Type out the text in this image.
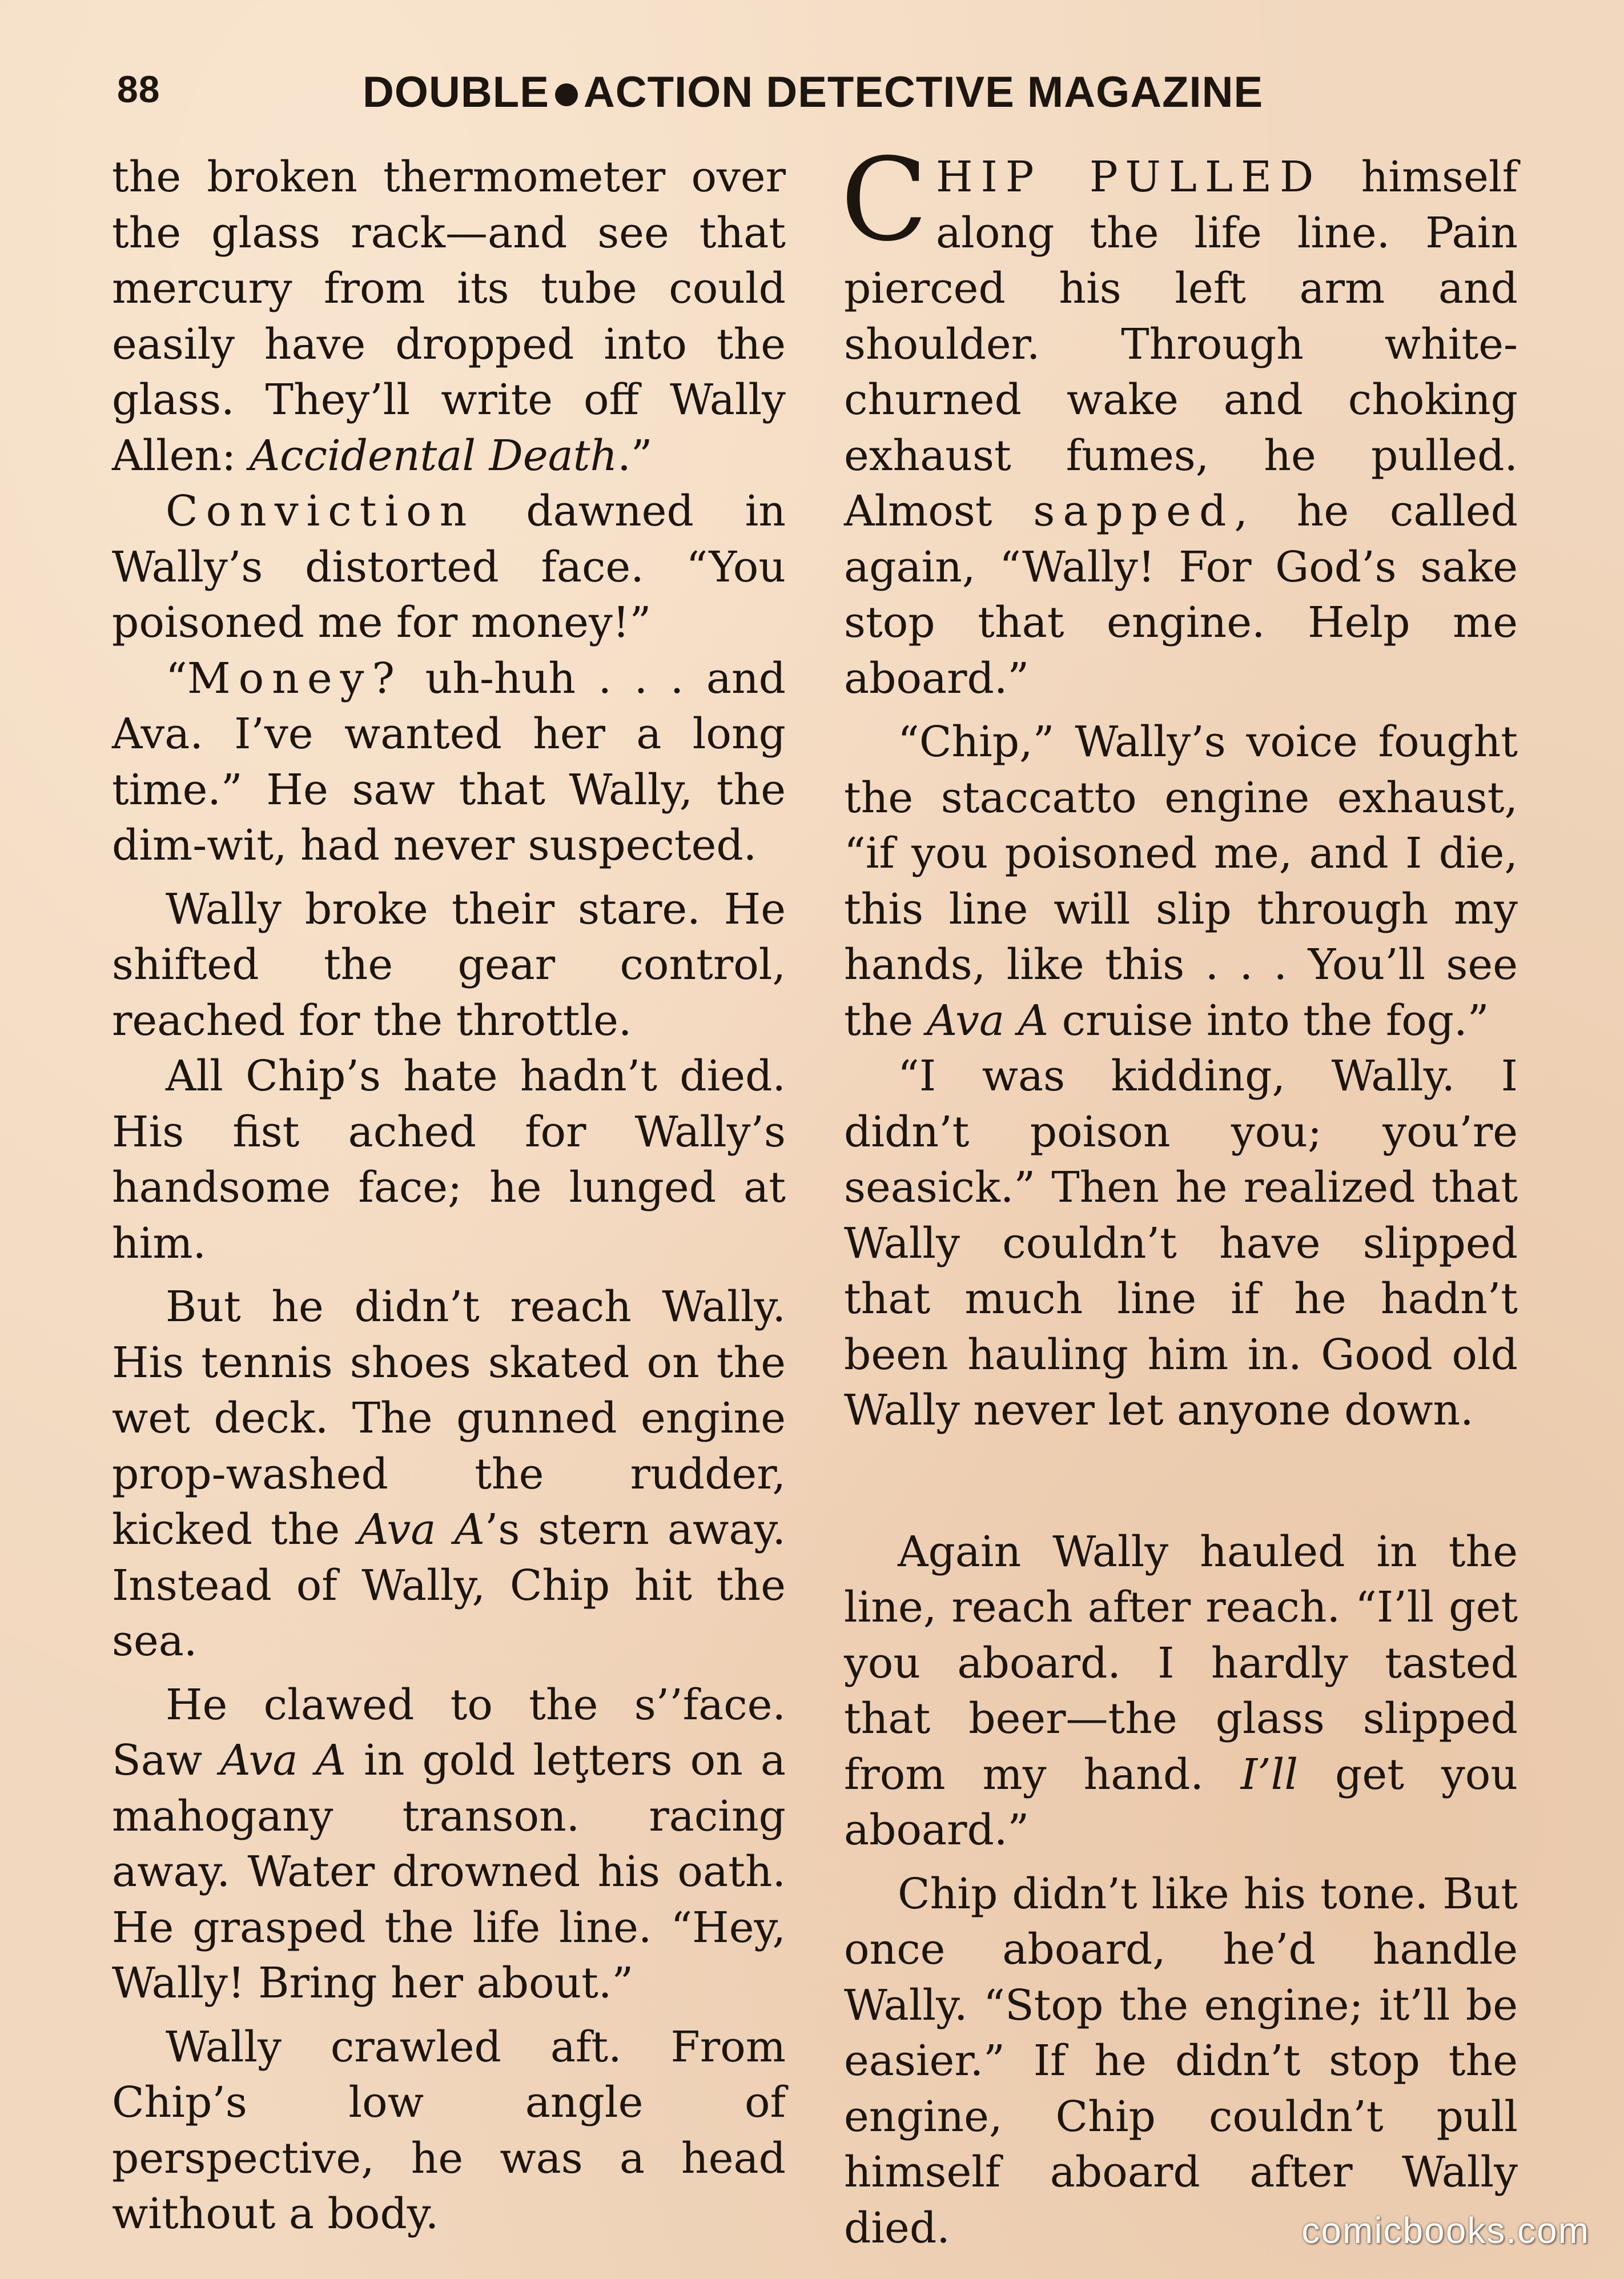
88	DOUBLE ACTION DETECTIVE MAGAZINE

the broken thermometer over the glass rack—and see that mercury from its tube could easily have dropped into the glass. They’ll write off Wally Allen: Accidental Death.”

Conviction dawned in Wally’s distorted face. “You poisoned me for money!”

“Money? uh-huh . . . and Ava. I’ve wanted her a long time.” He saw that Wally, the dim-wit, had never suspected.

Wally broke their stare. He shifted the gear control, reached for the throttle.

All Chip’s hate hadn’t died. His fist ached for Wally’s handsome face; he lunged at him.

But he didn’t reach Wally. His tennis shoes skated on the wet deck. The gunned engine prop-washed the rudder, kicked the Ava A’s stern away. Instead of Wally, Chip hit the sea.

He clawed to the s’’face. Saw Ava A in gold leţters on a mahogany transon. racing away. Water drowned his oath. He grasped the life line. “Hey, Wally! Bring her about.”

Wally crawled aft. From Chip’s low angle of perspective, he was a head without a body.

CHIP PULLED himself along the life line. Pain pierced his left arm and shoulder. Through white-churned wake and choking exhaust fumes, he pulled. Almost sapped, he called again, “Wally! For God’s sake stop that engine. Help me aboard.”

“Chip,” Wally’s voice fought the staccatto engine exhaust, “if you poisoned me, and I die, this line will slip through my hands, like this . . . You’ll see the Ava A cruise into the fog.”

“I was kidding, Wally. I didn’t poison you; you’re seasick.” Then he realized that Wally couldn’t have slipped that much line if he hadn’t been hauling him in. Good old Wally never let anyone down.

Again Wally hauled in the line, reach after reach. “I’ll get you aboard. I hardly tasted that beer—the glass slipped from my hand. I’ll get you aboard.”

Chip didn’t like his tone. But once aboard, he’d handle Wally. “Stop the engine; it’ll be easier.” If he didn’t stop the engine, Chip couldn’t pull himself aboard after Wally died.	comicbooks.com
